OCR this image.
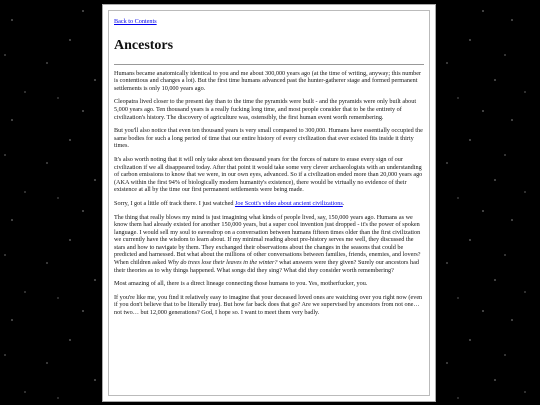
Back to Contents
Ancestors

Humans became anatomically identical to you and me about 300,000 years ago (at the time of writing, anyway; this number is contentious and changes a lot). But the first time humans advanced past the hunter-gatherer stage and formed permanent settlements is only 10,000 years ago.

Cleopatra lived closer to the present day than to the time the pyramids were built - and the pyramids were only built about 5,000 years ago. Ten thousand years is a really fucking long time, and most people consider that to be the entirety of civilization's history. The discovery of agriculture was, ostensibly, the first human event worth remembering.

But you'll also notice that even ten thousand years is very small compared to 300,000. Humans have essentially occupied the same bodies for such a long period of time that our entire history of every civilization that ever existed fits inside it thirty times.

It's also worth noting that it will only take about ten thousand years for the forces of nature to erase every sign of our civilization if we all disappeared today. After that point it would take some very clever archaeologists with an understanding of carbon emissions to know that we were, in our own eyes, advanced. So if a civilization ended more than 20,000 years ago (AKA within the first 94% of biologically modern humanity's existence), there would be virtually no evidence of their existence at all by the time our first permanent settlements were being made.

Sorry, I got a little off track there. I just watched Joe Scott's video about ancient civilizations.

The thing that really blows my mind is just imagining what kinds of people lived, say, 150,000 years ago. Humans as we know them had already existed for another 150,000 years, but a super cool invention just dropped - it's the power of spoken language. I would sell my soul to eavesdrop on a conversation between humans fifteen times older than the first civilization we currently have the wisdom to learn about. If my minimal reading about pre-history serves me well, they discussed the stars and how to navigate by them. They exchanged their observations about the changes in the seasons that could be predicted and harnessed. But what about the millions of other conversations between families, friends, enemies, and lovers? When children asked Why do trees lose their leaves in the winter? what answers were they given? Surely our ancestors had their theories as to why things happened. What songs did they sing? What did they consider worth remembering?

Most amazing of all, there is a direct lineage connecting those humans to you. Yes, motherfucker, you.

If you're like me, you find it relatively easy to imagine that your deceased loved ones are watching over you right now (even if you don't believe that to be literally true). But how far back does that go? Are we supervised by ancestors from not one… not two… but 12,000 generations? God, I hope so. I want to meet them very badly.
